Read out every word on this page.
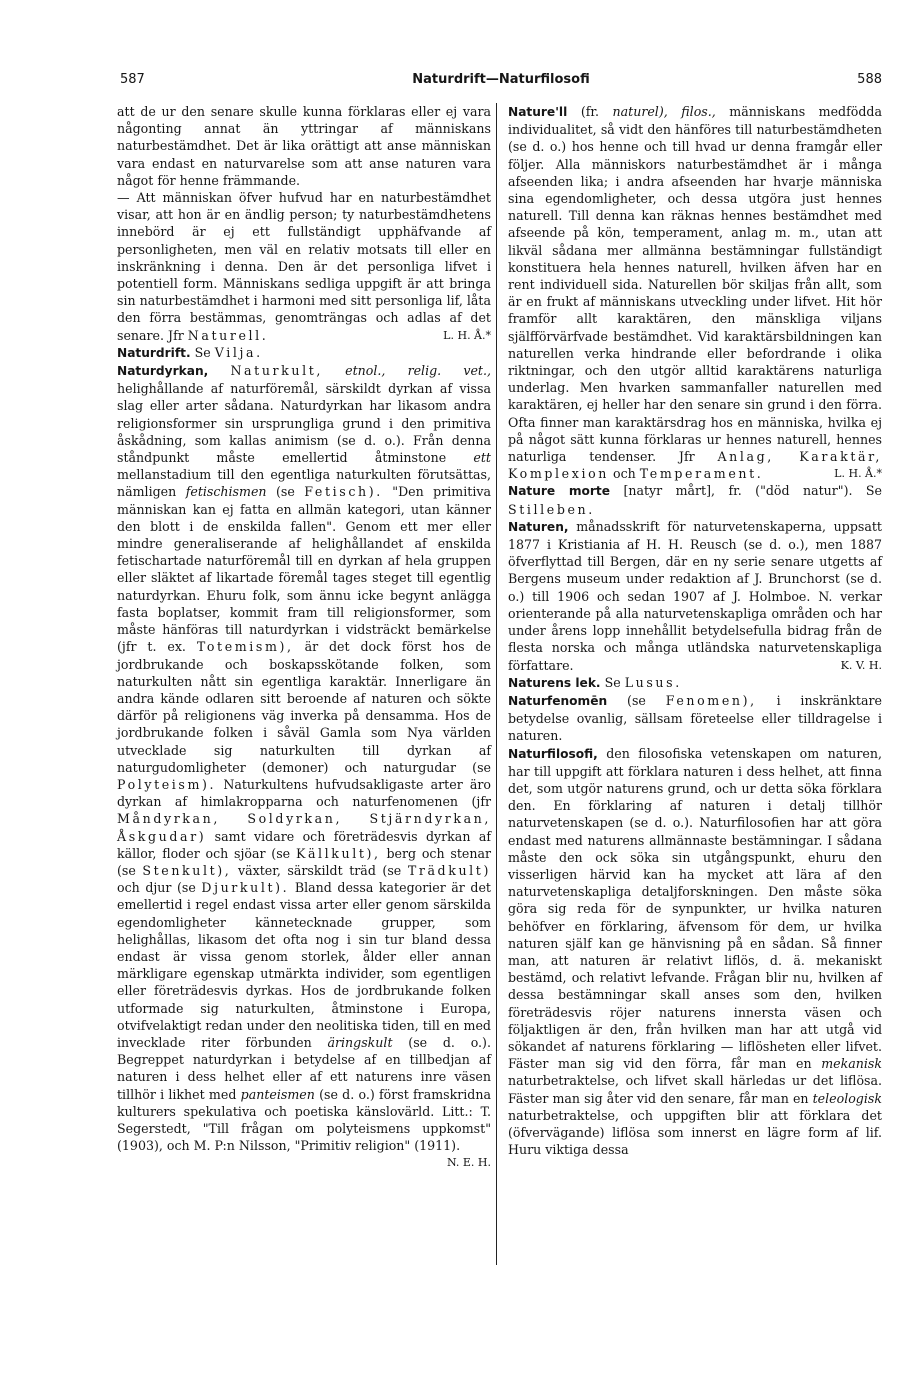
587	Naturdrift—Naturfilosofi	588

att de ur den senare skulle kunna förklaras eller ej vara någonting annat än yttringar af människans naturbestämdhet. Det är lika orättigt att anse människan vara endast en naturvarelse som att anse naturen vara något för henne främmande.

— Att människan öfver hufvud har en naturbestämdhet visar, att hon är en ändlig person; ty naturbestämdhetens innebörd är ej ett fullständigt upphäfvande af personligheten, men väl en relativ motsats till eller en inskränkning i denna. Den är det personliga lifvet i potentiell form. Människans sedliga uppgift är att bringa sin naturbestämdhet i harmoni med sitt personliga lif, låta den förra bestämmas, genomträngas och adlas af det senare. Jfr Naturell.	L. H. Å.*

Naturdrift. Se Vilja.

Naturdyrkan, Naturkult, etnol., relig. vet., helighållande af naturföremål, särskildt dyrkan af vissa slag eller arter sådana. Naturdyrkan har likasom andra religionsformer sin ursprungliga grund i den primitiva åskådning, som kallas animism (se d. o.). Från denna ståndpunkt måste emellertid åtminstone ett mellanstadium till den egentliga naturkulten förutsättas, nämligen fetischismen (se Fetisch). "Den primitiva människan kan ej fatta en allmän kategori, utan känner den blott i de enskilda fallen". Genom ett mer eller mindre generaliserande af helighållandet af enskilda fetischartade naturföremål till en dyrkan af hela gruppen eller släktet af likartade föremål tages steget till egentlig naturdyrkan. Ehuru folk, som ännu icke begynt anlägga fasta boplatser, kommit fram till religionsformer, som måste hänföras till naturdyrkan i vidsträckt bemärkelse (jfr t. ex. Totemism), är det dock först hos de jordbrukande och boskapsskötande folken, som naturkulten nått sin egentliga karaktär. Innerligare än andra kände odlaren sitt beroende af naturen och sökte därför på religionens väg inverka på densamma. Hos de jordbrukande folken i såväl Gamla som Nya världen utvecklade sig naturkulten till dyrkan af naturgudomligheter (demoner) och naturgudar (se Polyteism). Naturkultens hufvudsakligaste arter äro dyrkan af himlakropparna och naturfenomenen (jfr Måndyrkan, Soldyrkan, Stjärndyrkan, Åskgudar) samt vidare och företrädesvis dyrkan af källor, floder och sjöar (se Källkult), berg och stenar (se Stenkult), växter, särskildt träd (se Trädkult) och djur (se Djurkult). Bland dessa kategorier är det emellertid i regel endast vissa arter eller genom särskilda egendomligheter kännetecknade grupper, som helighållas, likasom det ofta nog i sin tur bland dessa endast är vissa genom storlek, ålder eller annan märkligare egenskap utmärkta individer, som egentligen eller företrädesvis dyrkas. Hos de jordbrukande folken utformade sig naturkulten, åtminstone i Europa, otvifvelaktigt redan under den neolitiska tiden, till en med invecklade riter förbunden äringskult (se d. o.). Begreppet naturdyrkan i betydelse af en tillbedjan af naturen i dess helhet eller af ett naturens inre väsen tillhör i likhet med panteismen (se d. o.) först framskridna kulturers spekulativa och poetiska känslovärld. Litt.: T. Segerstedt, "Till frågan om polyteismens uppkomst" (1903), och M. P:n Nilsson, "Primitiv religion" (1911).
N. E. H.

Nature'll (fr. naturel), filos., människans medfödda individualitet, så vidt den hänföres till naturbestämdheten (se d. o.) hos henne och till hvad ur denna framgår eller följer. Alla människors naturbestämdhet är i många afseenden lika; i andra afseenden har hvarje människa sina egendomligheter, och dessa utgöra just hennes naturell. Till denna kan räknas hennes bestämdhet med afseende på kön, temperament, anlag m. m., utan att likväl sådana mer allmänna bestämningar fullständigt konstituera hela hennes naturell, hvilken äfven har en rent individuell sida. Naturellen bör skiljas från allt, som är en frukt af människans utveckling under lifvet. Hit hör framför allt karaktären, den mänskliga viljans själfförvärfvade bestämdhet. Vid karaktärsbildningen kan naturellen verka hindrande eller befordrande i olika riktningar, och den utgör alltid karaktärens naturliga underlag. Men hvarken sammanfaller naturellen med karaktären, ej heller har den senare sin grund i den förra. Ofta finner man karaktärsdrag hos en människa, hvilka ej på något sätt kunna förklaras ur hennes naturell, hennes naturliga tendenser. Jfr Anlag, Karaktär, Komplexion och Temperament.	L. H. Å.*

Nature morte [natyr mårt], fr. ("död natur"). Se Stilleben.

Naturen, månadsskrift för naturvetenskaperna, uppsatt 1877 i Kristiania af H. H. Reusch (se d. o.), men 1887 öfverflyttad till Bergen, där en ny serie senare utgetts af Bergens museum under redaktion af J. Brunchorst (se d. o.) till 1906 och sedan 1907 af J. Holmboe. N. verkar orienterande på alla naturvetenskapliga områden och har under årens lopp innehållit betydelsefulla bidrag från de flesta norska och många utländska naturvetenskapliga författare.	K. V. H.

Naturens lek. Se Lusus.

Naturfenomēn (se Fenomen), i inskränktare betydelse ovanlig, sällsam företeelse eller tilldragelse i naturen.

Naturfilosofi, den filosofiska vetenskapen om naturen, har till uppgift att förklara naturen i dess helhet, att finna det, som utgör naturens grund, och ur detta söka förklara den. En förklaring af naturen i detalj tillhör naturvetenskapen (se d. o.). Naturfilosofien har att göra endast med naturens allmännaste bestämningar. I sådana måste den ock söka sin utgångspunkt, ehuru den visserligen härvid kan ha mycket att lära af den naturvetenskapliga detaljforskningen. Den måste söka göra sig reda för de synpunkter, ur hvilka naturen behöfver en förklaring, äfvensom för dem, ur hvilka naturen själf kan ge hänvisning på en sådan. Så finner man, att naturen är relativt liflös, d. ä. mekaniskt bestämd, och relativt lefvande. Frågan blir nu, hvilken af dessa bestämningar skall anses som den, hvilken företrädesvis röjer naturens innersta väsen och följaktligen är den, från hvilken man har att utgå vid sökandet af naturens förklaring — liflösheten eller lifvet. Fäster man sig vid den förra, får man en mekanisk naturbetraktelse, och lifvet skall härledas ur det liflösa. Fäster man sig åter vid den senare, får man en teleologisk naturbetraktelse, och uppgiften blir att förklara det (öfvervägande) liflösa som innerst en lägre form af lif. Huru viktiga dessa
